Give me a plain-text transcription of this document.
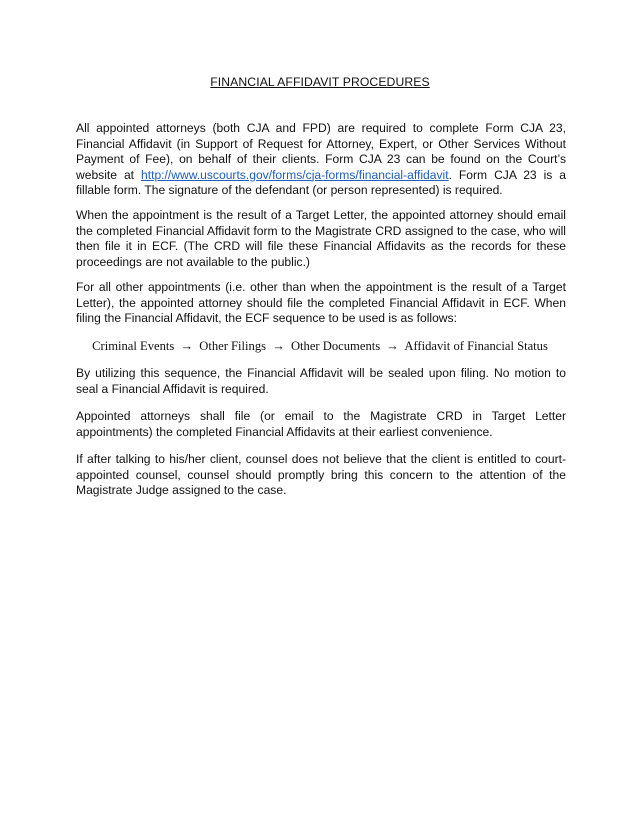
FINANCIAL AFFIDAVIT PROCEDURES

All appointed attorneys (both CJA and FPD) are required to complete Form CJA 23, Financial Affidavit (in Support of Request for Attorney, Expert, or Other Services Without Payment of Fee), on behalf of their clients. Form CJA 23 can be found on the Court’s website at http://www.uscourts.gov/forms/cja-forms/financial-affidavit. Form CJA 23 is a fillable form. The signature of the defendant (or person represented) is required.

When the appointment is the result of a Target Letter, the appointed attorney should email the completed Financial Affidavit form to the Magistrate CRD assigned to the case, who will then file it in ECF. (The CRD will file these Financial Affidavits as the records for these proceedings are not available to the public.)

For all other appointments (i.e. other than when the appointment is the result of a Target Letter), the appointed attorney should file the completed Financial Affidavit in ECF. When filing the Financial Affidavit, the ECF sequence to be used is as follows:

Criminal Events → Other Filings → Other Documents → Affidavit of Financial Status

By utilizing this sequence, the Financial Affidavit will be sealed upon filing. No motion to seal a Financial Affidavit is required.

Appointed attorneys shall file (or email to the Magistrate CRD in Target Letter appointments) the completed Financial Affidavits at their earliest convenience.

If after talking to his/her client, counsel does not believe that the client is entitled to court-appointed counsel, counsel should promptly bring this concern to the attention of the Magistrate Judge assigned to the case.
